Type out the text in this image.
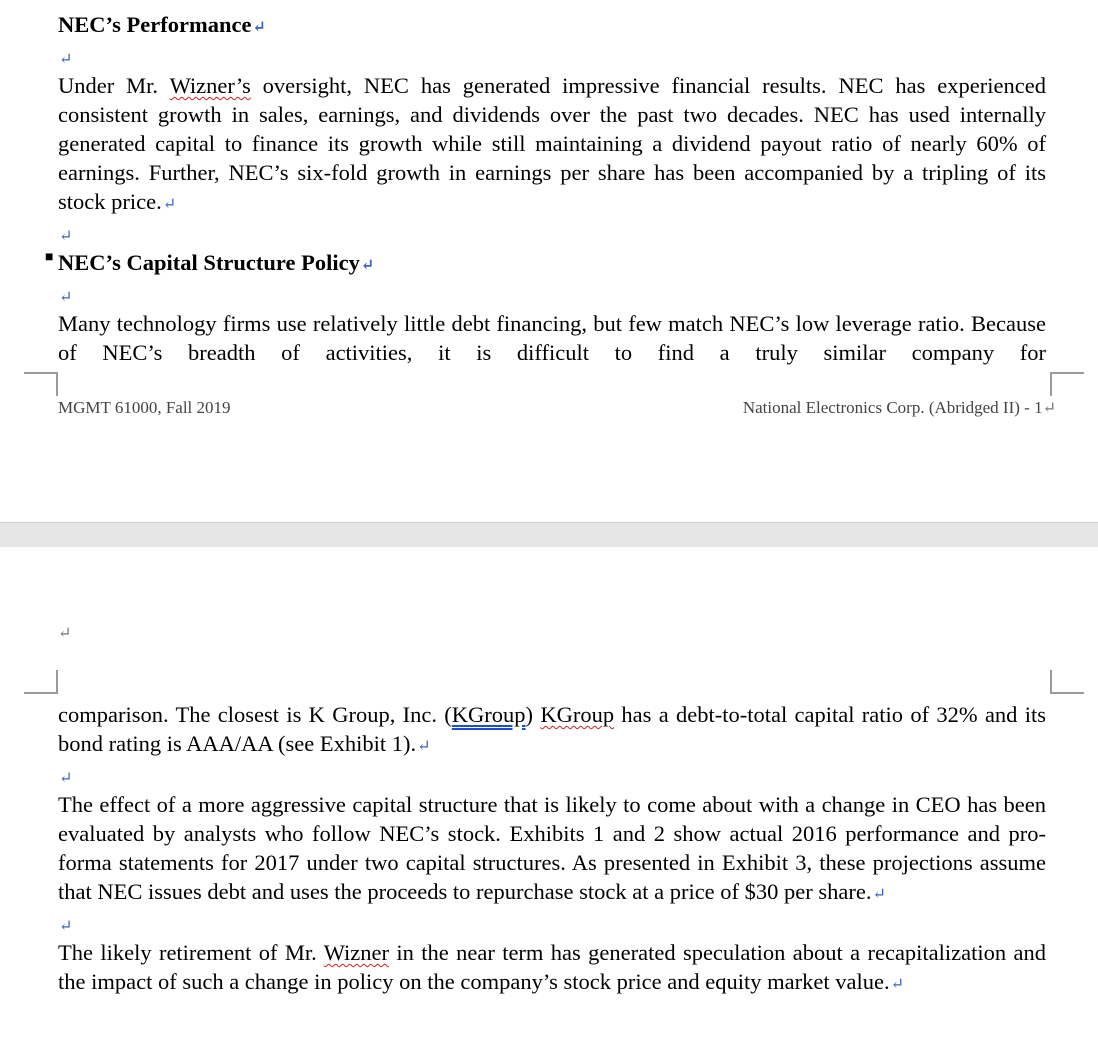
NEC’s Performance↵

↵

Under Mr. Wizner’s oversight, NEC has generated impressive financial results. NEC has experienced consistent growth in sales, earnings, and dividends over the past two decades. NEC has used internally generated capital to finance its growth while still maintaining a dividend payout ratio of nearly 60% of earnings. Further, NEC’s six-fold growth in earnings per share has been accompanied by a tripling of its stock price.↵

↵

NEC’s Capital Structure Policy↵

↵

Many technology firms use relatively little debt financing, but few match NEC’s low leverage ratio. Because of NEC’s breadth of activities, it is difficult to find a truly similar company for

■
MGMT 61000, Fall 2019	National Electronics Corp. (Abridged II) - 1↵
↵

comparison. The closest is K Group, Inc. (KGroup) KGroup has a debt-to-total capital ratio of 32% and its bond rating is AAA/AA (see Exhibit 1).↵

↵

The effect of a more aggressive capital structure that is likely to come about with a change in CEO has been evaluated by analysts who follow NEC’s stock. Exhibits 1 and 2 show actual 2016 performance and pro-forma statements for 2017 under two capital structures. As presented in Exhibit 3, these projections assume that NEC issues debt and uses the proceeds to repurchase stock at a price of $30 per share.↵

↵

The likely retirement of Mr. Wizner in the near term has generated speculation about a recapitalization and the impact of such a change in policy on the company’s stock price and equity market value.↵
